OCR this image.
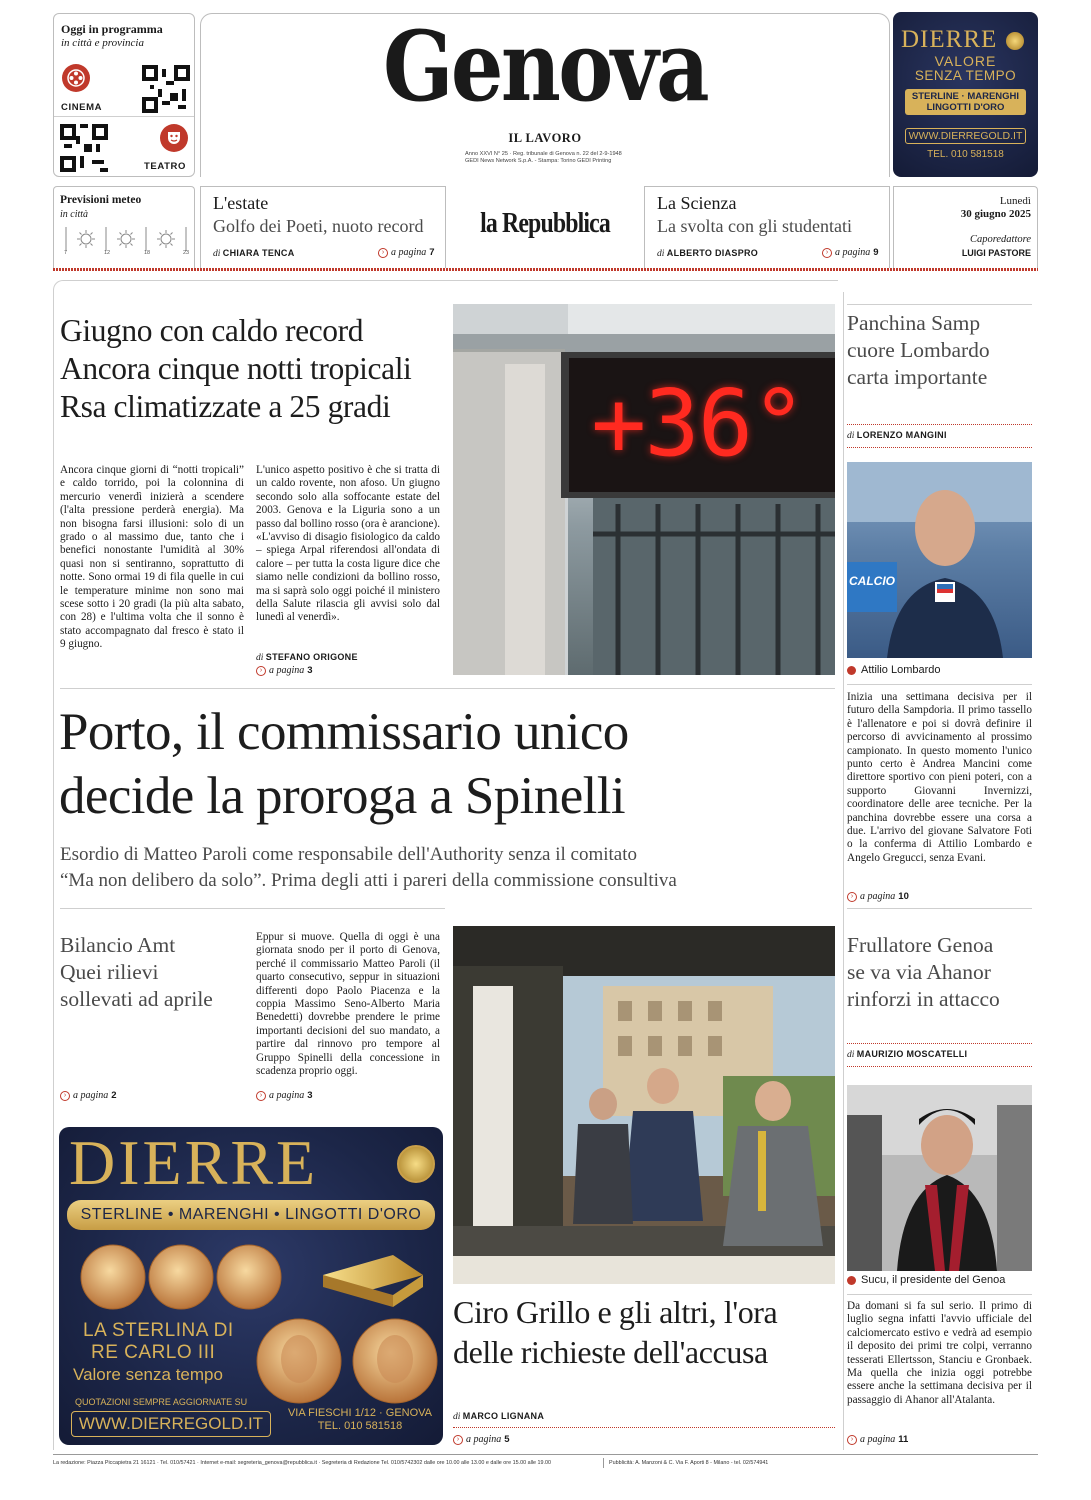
Oggi in programma
in città e provincia
CINEMA
TEATRO
Genova
IL LAVORO
Anno XXVI N° 25 · Reg. tribunale di Genova n. 22 del 2-9-1948
GEDI News Network S.p.A. - Stampa: Torino GEDI Printing
DIERRE
VALORE
SENZA TEMPO
STERLINE · MARENGHI
LINGOTTI D'ORO
WWW.DIERREGOLD.IT
TEL. 010 581518
Previsioni meteo
in città
7	12	18	23
L'estate
Golfo dei Poeti, nuoto record
di CHIARA TENCA	› a pagina 7
la Repubblica
La Scienza
La svolta con gli studentati
di ALBERTO DIASPRO	› a pagina 9
Lunedì
30 giugno 2025
Caporedattore
LUIGI PASTORE
Giugno con caldo record
Ancora cinque notti tropicali
Rsa climatizzate a 25 gradi
Ancora cinque giorni di “notti tropicali” e caldo torrido, poi la colonnina di mercurio venerdì inizierà a scendere (l'alta pressione perderà energia). Ma non bisogna farsi illusioni: solo di un grado o al massimo due, tanto che i benefici nonostante l'umidità al 30% quasi non si sentiranno, soprattutto di notte. Sono ormai 19 di fila quelle in cui le temperature minime non sono mai scese sotto i 20 gradi (la più alta sabato, con 28) e l'ultima volta che il sonno è stato accompagnato dal fresco è stato il 9 giugno.
L'unico aspetto positivo è che si tratta di un caldo rovente, non afoso. Un giugno secondo solo alla soffocante estate del 2003. Genova e la Liguria sono a un passo dal bollino rosso (ora è arancione). «L'avviso di disagio fisiologico da caldo – spiega Arpal riferendosi all'ondata di calore – per tutta la costa ligure dice che siamo nelle condizioni da bollino rosso, ma si saprà solo oggi poiché il ministero della Salute rilascia gli avvisi solo dal lunedì al venerdì».
di STEFANO ORIGONE
› a pagina 3
+36°
Porto, il commissario unico
decide la proroga a Spinelli
Esordio di Matteo Paroli come responsabile dell'Authority senza il comitato
“Ma non delibero da solo”. Prima degli atti i pareri della commissione consultiva
Bilancio Amt
Quei rilievi
sollevati ad aprile
› a pagina 2
Eppur si muove. Quella di oggi è una giornata snodo per il porto di Genova, perché il commissario Matteo Paroli (il quarto consecutivo, seppur in situazioni differenti dopo Paolo Piacenza e la coppia Massimo Seno-Alberto Maria Benedetti) dovrebbe prendere le prime importanti decisioni del suo mandato, a partire dal rinnovo pro tempore al Gruppo Spinelli della concessione in scadenza proprio oggi.
› a pagina 3
Ciro Grillo e gli altri, l'ora
delle richieste dell'accusa
di MARCO LIGNANA
› a pagina 5
DIERRE
STERLINE • MARENGHI • LINGOTTI D'ORO
LA STERLINA DI
RE CARLO III
Valore senza tempo
QUOTAZIONI SEMPRE AGGIORNATE SU
WWW.DIERREGOLD.IT
VIA FIESCHI 1/12 · GENOVA
TEL. 010 581518
Panchina Samp
cuore Lombardo
carta importante
di LORENZO MANGINI
CALCIO
Attilio Lombardo
Inizia una settimana decisiva per il futuro della Sampdoria. Il primo tassello è l'allenatore e poi si dovrà definire il percorso di avvicinamento al prossimo campionato. In questo momento l'unico punto certo è Andrea Mancini come direttore sportivo con pieni poteri, con a supporto Giovanni Invernizzi, coordinatore delle aree tecniche. Per la panchina dovrebbe essere una corsa a due. L'arrivo del giovane Salvatore Foti o la conferma di Attilio Lombardo e Angelo Gregucci, senza Evani.
› a pagina 10
Frullatore Genoa
se va via Ahanor
rinforzi in attacco
di MAURIZIO MOSCATELLI
Sucu, il presidente del Genoa
Da domani si fa sul serio. Il primo di luglio segna infatti l'avvio ufficiale del calciomercato estivo e vedrà ad esempio il deposito dei primi tre colpi, verranno tesserati Ellertsson, Stanciu e Gronbaek. Ma quella che inizia oggi potrebbe essere anche la settimana decisiva per il passaggio di Ahanor all'Atalanta.
› a pagina 11
La redazione: Piazza Piccapietra 21 16121 · Tel. 010/57421 · Internet e-mail: segreteria_genova@repubblica.it · Segreteria di Redazione Tel. 010/5742302 dalle ore 10.00 alle 13.00 e dalle ore 15.00 alle 19.00	Pubblicità: A. Manzoni & C. Via F. Aporti 8 - Milano - tel. 02/574941
